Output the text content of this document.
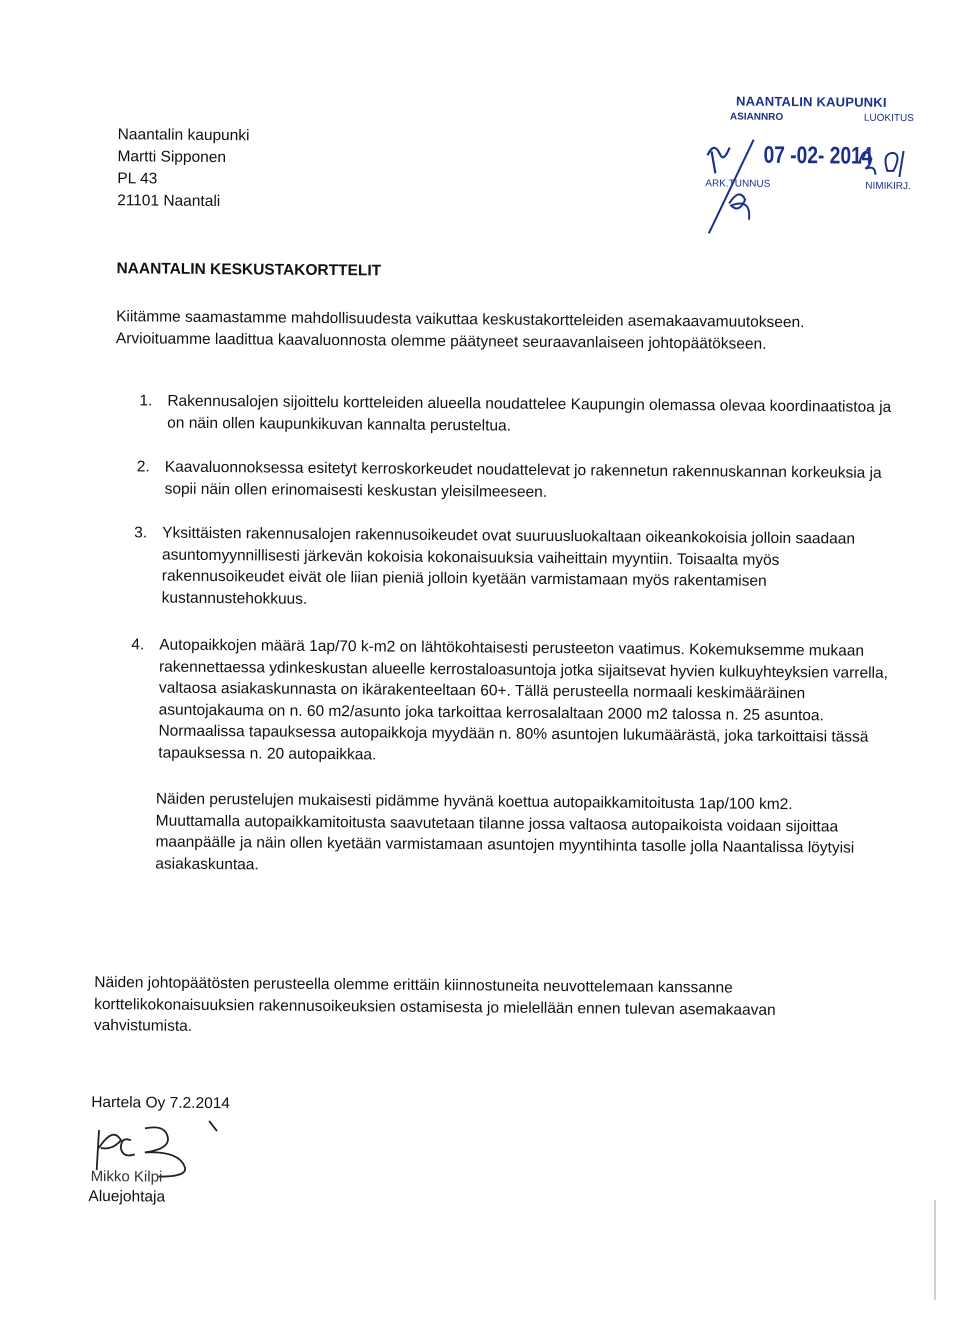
Naantalin kaupunki
Martti Sipponen
PL 43
21101 Naantali
NAANTALIN KAUPUNKI
ASIANNRO	LUOKITUS
07 -02- 2014
ARK.TUNNUS	NIMIKIRJ.
NAANTALIN KESKUSTAKORTTELIT
Kiitämme saamastamme mahdollisuudesta vaikuttaa keskustakortteleiden asemakaavamuutokseen. Arvioituamme laadittua kaavaluonnosta olemme päätyneet seuraavanlaiseen johtopäätökseen.
1. Rakennusalojen sijoittelu kortteleiden alueella noudattelee Kaupungin olemassa olevaa koordinaatistoa ja on näin ollen kaupunkikuvan kannalta perusteltua.
2. Kaavaluonnoksessa esitetyt kerroskorkeudet noudattelevat jo rakennetun rakennuskannan korkeuksia ja sopii näin ollen erinomaisesti keskustan yleisilmeeseen.
3. Yksittäisten rakennusalojen rakennusoikeudet ovat suuruusluokaltaan oikeankokoisia jolloin saadaan asuntomyynnillisesti järkevän kokoisia kokonaisuuksia vaiheittain myyntiin. Toisaalta myös rakennusoikeudet eivät ole liian pieniä jolloin kyetään varmistamaan myös rakentamisen kustannustehokkuus.
4. Autopaikkojen määrä 1ap/70 k-m2 on lähtökohtaisesti perusteeton vaatimus. Kokemuksemme mukaan rakennettaessa ydinkeskustan alueelle kerrostaloasuntoja jotka sijaitsevat hyvien kulkuyhteyksien varrella, valtaosa asiakaskunnasta on ikärakenteeltaan 60+. Tällä perusteella normaali keskimääräinen asuntojakauma on n. 60 m2/asunto joka tarkoittaa kerrosalaltaan 2000 m2 talossa n. 25 asuntoa. Normaalissa tapauksessa autopaikkoja myydään n. 80% asuntojen lukumäärästä, joka tarkoittaisi tässä tapauksessa n. 20 autopaikkaa.
Näiden perustelujen mukaisesti pidämme hyvänä koettua autopaikkamitoitusta 1ap/100 km2. Muuttamalla autopaikkamitoitusta saavutetaan tilanne jossa valtaosa autopaikoista voidaan sijoittaa maanpäälle ja näin ollen kyetään varmistamaan asuntojen myyntihinta tasolle jolla Naantalissa löytyisi asiakaskuntaa.
Näiden johtopäätösten perusteella olemme erittäin kiinnostuneita neuvottelemaan kanssanne korttelikokonaisuuksien rakennusoikeuksien ostamisesta jo mielellään ennen tulevan asemakaavan vahvistumista.
Hartela Oy 7.2.2014
Mikko Kilpi
Aluejohtaja
